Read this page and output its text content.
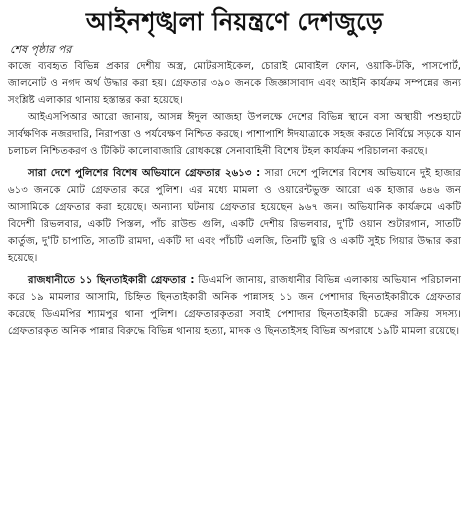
আইনশৃঙ্খলা নিয়ন্ত্রণে দেশজুড়ে
শেষ পৃষ্ঠার পর

কাজে ব্যবহৃত বিভিন্ন প্রকার দেশীয় অস্ত্র, মোটরসাইকেল, চোরাই মোবাইল ফোন, ওয়াকি-টকি, পাসপোর্ট, জালনোট ও নগদ অর্থ উদ্ধার করা হয়। গ্রেফতার ৩৯০ জনকে জিজ্ঞাসাবাদ এবং আইনি কার্যক্রম সম্পন্নের জন্য সংশ্লিষ্ট এলাকার থানায় হস্তান্তর করা হয়েছে।

আইএসপিআর আরো জানায়, আসন্ন ঈদুল আজহা উপলক্ষে দেশের বিভিন্ন স্থানে বসা অস্থায়ী পশুহাটে সার্বক্ষণিক নজরদারি, নিরাপত্তা ও পর্যবেক্ষণ নিশ্চিত করছে। পাশাপাশি ঈদযাত্রাকে সহজ করতে নির্বিঘ্নে সড়কে যান চলাচল নিশ্চিতকরণ ও টিকিট কালোবাজারি রোধকল্পে সেনাবাহিনী বিশেষ টহল কার্যক্রম পরিচালনা করছে।

সারা দেশে পুলিশের বিশেষ অভিযানে গ্রেফতার ২৬১৩ : সারা দেশে পুলিশের বিশেষ অভিযানে দুই হাজার ৬১৩ জনকে মোট গ্রেফতার করে পুলিশ। এর মধ্যে মামলা ও ওয়ারেন্টভুক্ত আরো এক হাজার ৬৪৬ জন আসামিকে গ্রেফতার করা হয়েছে। অন্যান্য ঘটনায় গ্রেফতার হয়েছেন ৯৬৭ জন। অভিযানিক কার্যক্রমে একটি বিদেশী রিভলবার, একটি পিস্তল, পাঁচ রাউন্ড গুলি, একটি দেশীয় রিভলবার, দু'টি ওয়ান শুটারগান, সাতটি কার্তুজ, দু'টি চাপাতি, সাতটি রামদা, একটি দা এবং পাঁচটি এলজি, তিনটি ছুরি ও একটি সুইচ গিয়ার উদ্ধার করা হয়েছে।

রাজধানীতে ১১ ছিনতাইকারী গ্রেফতার : ডিএমপি জানায়, রাজধানীর বিভিন্ন এলাকায় অভিযান পরিচালনা করে ১৯ মামলার আসামি, চিহ্নিত ছিনতাইকারী অনিক পান্নাসহ ১১ জন পেশাদার ছিনতাইকারীকে গ্রেফতার করেছে ডিএমপির শ্যামপুর থানা পুলিশ। গ্রেফতারকৃতরা সবাই পেশাদার ছিনতাইকারী চক্রের সক্রিয় সদস্য। গ্রেফতারকৃত অনিক পান্নার বিরুদ্ধে বিভিন্ন থানায় হত্যা, মাদক ও ছিনতাইসহ বিভিন্ন অপরাধে ১৯টি মামলা রয়েছে।
